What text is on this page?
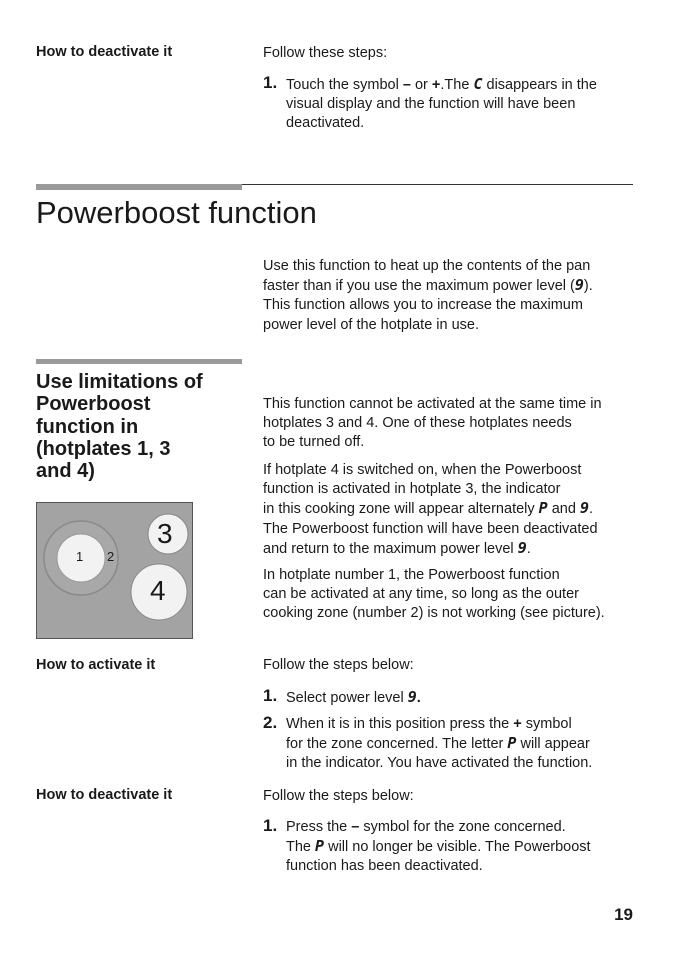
How to deactivate it	Follow these steps:
1. Touch the symbol – or +.The C disappears in the
visual display and the function will have been
deactivated.
Powerboost function
Use this function to heat up the contents of the pan
faster than if you use the maximum power level (9).
This function allows you to increase the maximum
power level of the hotplate in use.
Use limitations of
Powerboost
function in
(hotplates 1, 3
and 4)
1 2
3
4
This function cannot be activated at the same time in
hotplates 3 and 4. One of these hotplates needs
to be turned off.
If hotplate 4 is switched on, when the Powerboost
function is activated in hotplate 3, the indicator
in this cooking zone will appear alternately P and 9.
The Powerboost function will have been deactivated
and return to the maximum power level 9.
In hotplate number 1, the Powerboost function
can be activated at any time, so long as the outer
cooking zone (number 2) is not working (see picture).
How to activate it	Follow the steps below:
1. Select power level 9.
2. When it is in this position press the + symbol
for the zone concerned. The letter P will appear
in the indicator. You have activated the function.
How to deactivate it	Follow the steps below:
1. Press the – symbol for the zone concerned.
The P will no longer be visible. The Powerboost
function has been deactivated.
19
